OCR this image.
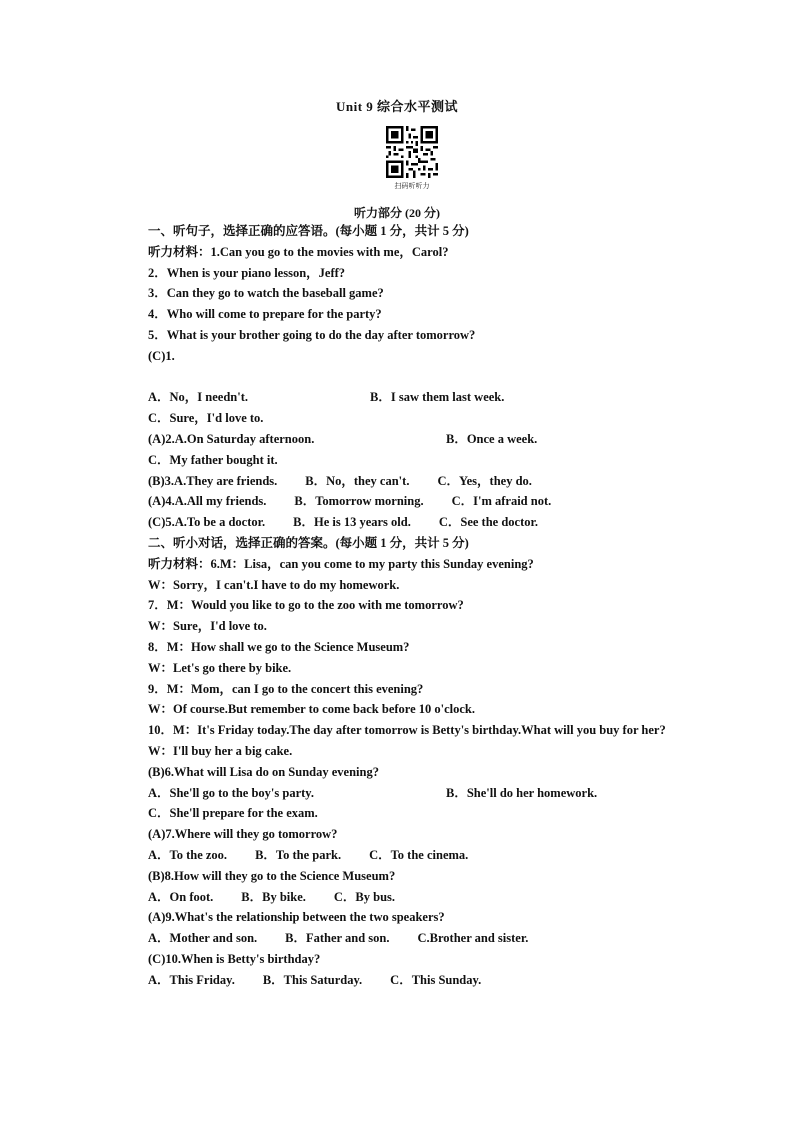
Unit 9 综合水平测试
扫码听听力
听力部分 (20 分)
一、听句子，选择正确的应答语。(每小题 1 分，共计 5 分)
听力材料：1.Can you go to the movies with me，Carol?
2．When is your piano lesson，Jeff?
3．Can they go to watch the baseball game?
4．Who will come to prepare for the party?
5．What is your brother going to do the day after tomorrow?
(C)1.
A．No，I needn't.	B．I saw them last week.
C．Sure，I'd love to.
(A)2.A.On Saturday afternoon.	B．Once a week.
C．My father bought it.
(B)3.A.They are friends. B．No，they can't. C．Yes，they do.
(A)4.A.All my friends. B．Tomorrow morning. C．I'm afraid not.
(C)5.A.To be a doctor. B．He is 13 years old. C．See the doctor.
二、听小对话，选择正确的答案。(每小题 1 分，共计 5 分)
听力材料：6.M：Lisa，can you come to my party this Sunday evening?
W：Sorry，I can't.I have to do my homework.
7．M：Would you like to go to the zoo with me tomorrow?
W：Sure，I'd love to.
8．M：How shall we go to the Science Museum?
W：Let's go there by bike.
9．M：Mom，can I go to the concert this evening?
W：Of course.But remember to come back before 10 o'clock.
10．M：It's Friday today.The day after tomorrow is Betty's birthday.What will you buy for her?
W：I'll buy her a big cake.
(B)6.What will Lisa do on Sunday evening?
A．She'll go to the boy's party.	B．She'll do her homework.
C．She'll prepare for the exam.
(A)7.Where will they go tomorrow?
A．To the zoo. B．To the park. C．To the cinema.
(B)8.How will they go to the Science Museum?
A．On foot. B．By bike. C．By bus.
(A)9.What's the relationship between the two speakers?
A．Mother and son. B．Father and son. C.Brother and sister.
(C)10.When is Betty's birthday?
A．This Friday. B．This Saturday. C．This Sunday.
